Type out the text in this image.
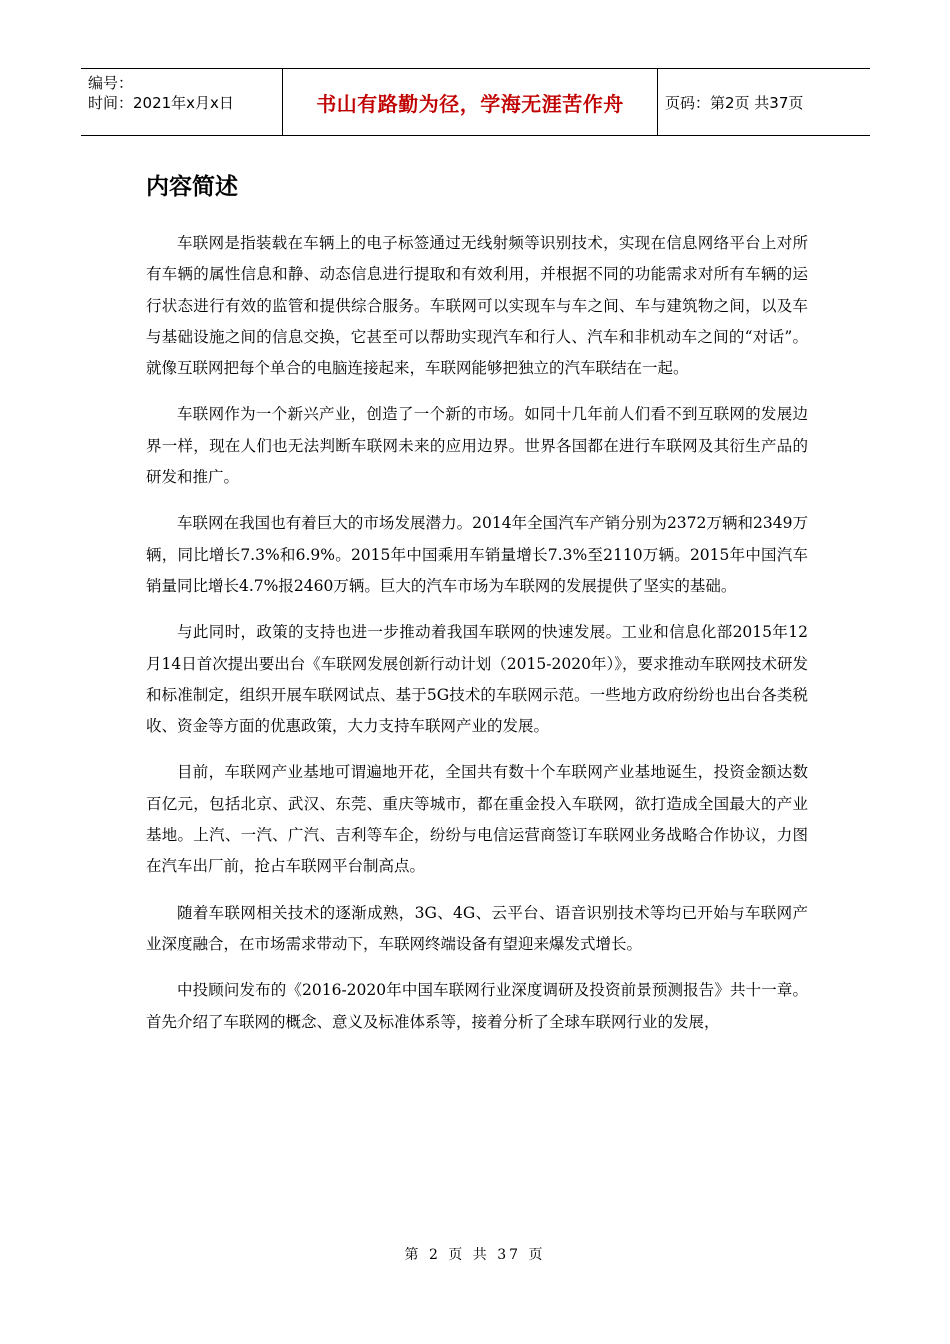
编号：
时间：2021年x月x日	书山有路勤为径，学海无涯苦作舟	页码：第2页 共37页
内容简述

车联网是指装载在车辆上的电子标签通过无线射频等识别技术，实现在信息网络平台上对所有车辆的属性信息和静、动态信息进行提取和有效利用，并根据不同的功能需求对所有车辆的运行状态进行有效的监管和提供综合服务。车联网可以实现车与车之间、车与建筑物之间，以及车与基础设施之间的信息交换，它甚至可以帮助实现汽车和行人、汽车和非机动车之间的“对话”。就像互联网把每个单合的电脑连接起来，车联网能够把独立的汽车联结在一起。

车联网作为一个新兴产业，创造了一个新的市场。如同十几年前人们看不到互联网的发展边界一样，现在人们也无法判断车联网未来的应用边界。世界各国都在进行车联网及其衍生产品的研发和推广。

车联网在我国也有着巨大的市场发展潜力。2014年全国汽车产销分别为2372万辆和2349万辆，同比增长7.3%和6.9%。2015年中国乘用车销量增长7.3%至2110万辆。2015年中国汽车销量同比增长4.7%报2460万辆。巨大的汽车市场为车联网的发展提供了坚实的基础。

与此同时，政策的支持也进一步推动着我国车联网的快速发展。工业和信息化部2015年12月14日首次提出要出台《车联网发展创新行动计划（2015-2020年）》，要求推动车联网技术研发和标准制定，组织开展车联网试点、基于5G技术的车联网示范。一些地方政府纷纷也出台各类税收、资金等方面的优惠政策，大力支持车联网产业的发展。

目前，车联网产业基地可谓遍地开花，全国共有数十个车联网产业基地诞生，投资金额达数百亿元，包括北京、武汉、东莞、重庆等城市，都在重金投入车联网，欲打造成全国最大的产业基地。上汽、一汽、广汽、吉利等车企，纷纷与电信运营商签订车联网业务战略合作协议，力图在汽车出厂前，抢占车联网平台制高点。

随着车联网相关技术的逐渐成熟，3G、4G、云平台、语音识别技术等均已开始与车联网产业深度融合，在市场需求带动下，车联网终端设备有望迎来爆发式增长。

中投顾问发布的《2016-2020年中国车联网行业深度调研及投资前景预测报告》共十一章。首先介绍了车联网的概念、意义及标准体系等，接着分析了全球车联网行业的发展，

第 2 页 共 37 页
